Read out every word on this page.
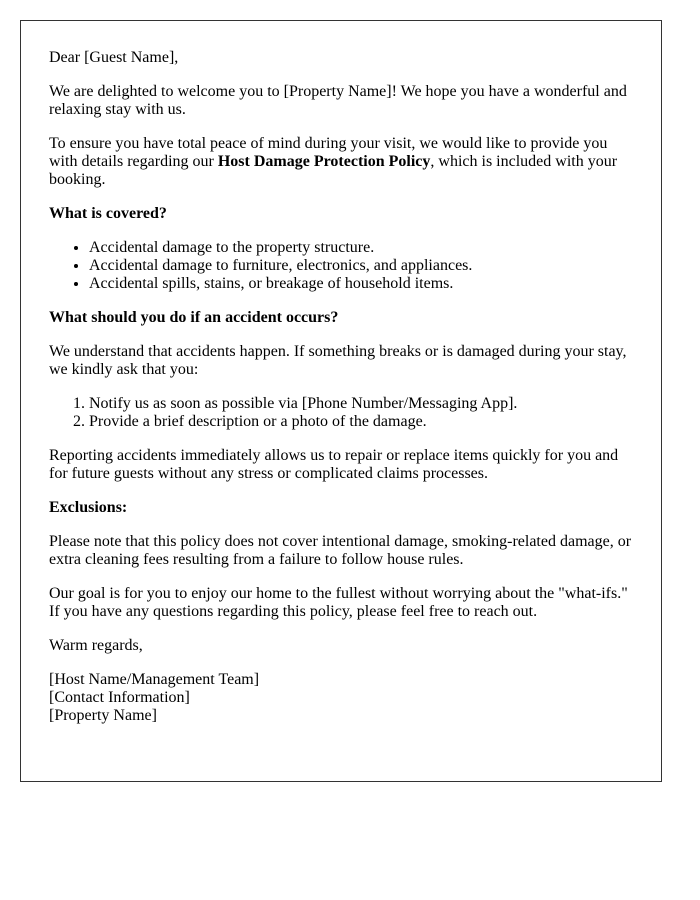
Dear [Guest Name],

We are delighted to welcome you to [Property Name]! We hope you have a wonderful and relaxing stay with us.

To ensure you have total peace of mind during your visit, we would like to provide you with details regarding our Host Damage Protection Policy, which is included with your booking.

What is covered?
• Accidental damage to the property structure.
• Accidental damage to furniture, electronics, and appliances.
• Accidental spills, stains, or breakage of household items.
What should you do if an accident occurs?

We understand that accidents happen. If something breaks or is damaged during your stay, we kindly ask that you:

1. Notify us as soon as possible via [Phone Number/Messaging App].
2. Provide a brief description or a photo of the damage.

Reporting accidents immediately allows us to repair or replace items quickly for you and for future guests without any stress or complicated claims processes.

Exclusions:

Please note that this policy does not cover intentional damage, smoking-related damage, or extra cleaning fees resulting from a failure to follow house rules.

Our goal is for you to enjoy our home to the fullest without worrying about the "what-ifs." If you have any questions regarding this policy, please feel free to reach out.

Warm regards,

[Host Name/Management Team]
[Contact Information]
[Property Name]
